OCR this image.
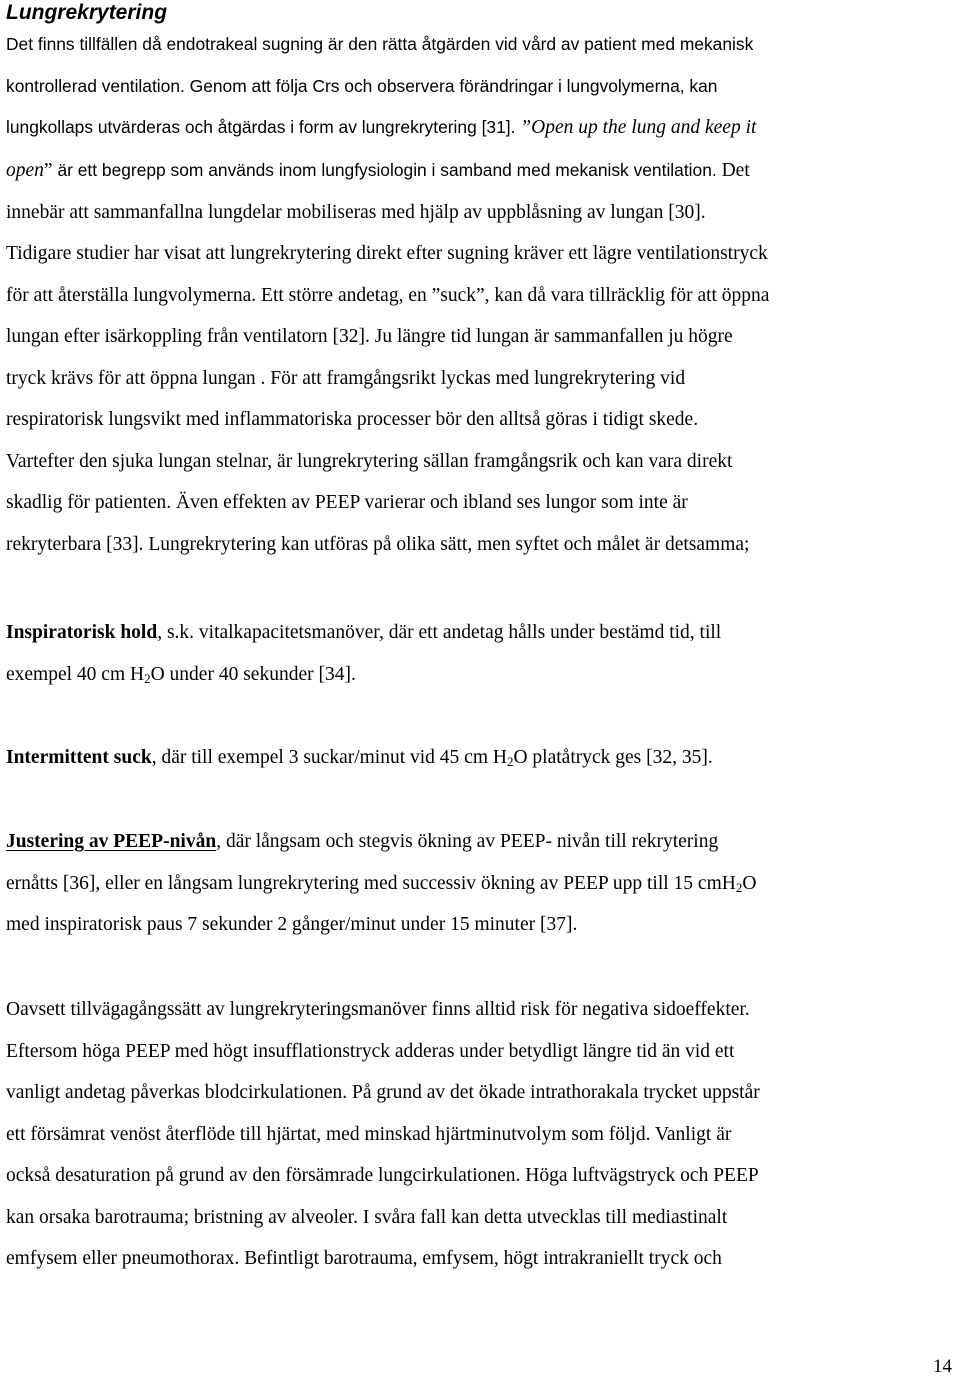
Lungrekrytering
Det finns tillfällen då endotrakeal sugning är den rätta åtgärden vid vård av patient med mekanisk
kontrollerad ventilation. Genom att följa Crs och observera förändringar i lungvolymerna, kan
lungkollaps utvärderas och åtgärdas i form av lungrekrytering [31]. ”Open up the lung and keep it
open” är ett begrepp som används inom lungfysiologin i samband med mekanisk ventilation. Det
innebär att sammanfallna lungdelar mobiliseras med hjälp av uppblåsning av lungan [30].
Tidigare studier har visat att lungrekrytering direkt efter sugning kräver ett lägre ventilationstryck
för att återställa lungvolymerna. Ett större andetag, en ”suck”, kan då vara tillräcklig för att öppna
lungan efter isärkoppling från ventilatorn [32]. Ju längre tid lungan är sammanfallen ju högre
tryck krävs för att öppna lungan . För att framgångsrikt lyckas med lungrekrytering vid
respiratorisk lungsvikt med inflammatoriska processer bör den alltså göras i tidigt skede.
Vartefter den sjuka lungan stelnar, är lungrekrytering sällan framgångsrik och kan vara direkt
skadlig för patienten. Även effekten av PEEP varierar och ibland ses lungor som inte är
rekryterbara [33]. Lungrekrytering kan utföras på olika sätt, men syftet och målet är detsamma;
Inspiratorisk hold, s.k. vitalkapacitetsmanöver, där ett andetag hålls under bestämd tid, till
exempel 40 cm $H_2O$ under 40 sekunder [34].
Intermittent suck, där till exempel 3 suckar/minut vid 45 cm $H_2O$ platåtryck ges [32, 35].
Justering av PEEP-nivån, där långsam och stegvis ökning av PEEP- nivån till rekrytering
ernåtts [36], eller en långsam lungrekrytering med successiv ökning av PEEP upp till 15 cmH$_2$O
med inspiratorisk paus 7 sekunder 2 gånger/minut under 15 minuter [37].
Oavsett tillvägagångssätt av lungrekryteringsmanöver finns alltid risk för negativa sidoeffekter.
Eftersom höga PEEP med högt insufflationstryck adderas under betydligt längre tid än vid ett
vanligt andetag påverkas blodcirkulationen. På grund av det ökade intrathorakala trycket uppstår
ett försämrat venöst återflöde till hjärtat, med minskad hjärtminutvolym som följd. Vanligt är
också desaturation på grund av den försämrade lungcirkulationen. Höga luftvägstryck och PEEP
kan orsaka barotrauma; bristning av alveoler. I svåra fall kan detta utvecklas till mediastinalt
emfysem eller pneumothorax. Befintligt barotrauma, emfysem, högt intrakraniellt tryck och
14
